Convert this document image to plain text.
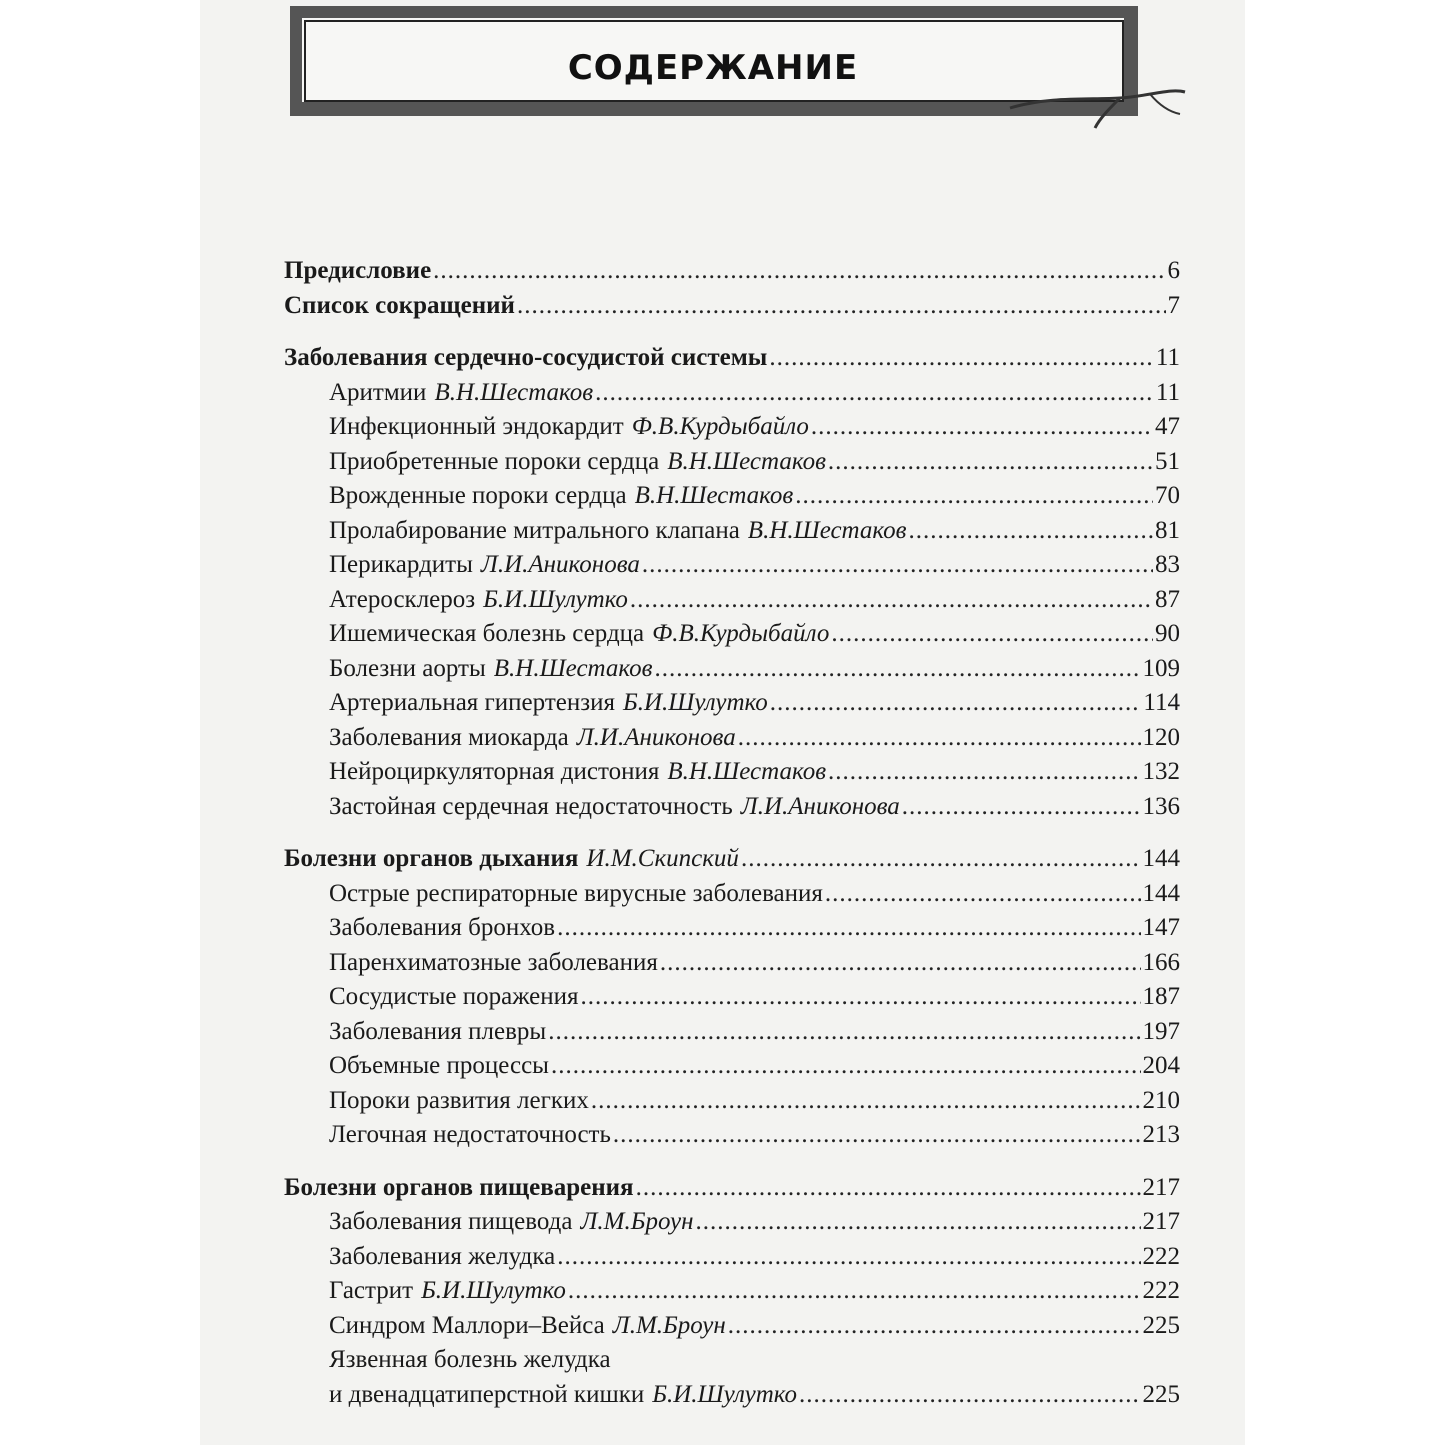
СОДЕРЖАНИЕ
Предисловие .....	6
Список сокращений .....	7
Заболевания сердечно-сосудистой системы .....	11
Аритмии В.Н.Шестаков .....	11
Инфекционный эндокардит Ф.В.Курдыбайло .....	47
Приобретенные пороки сердца В.Н.Шестаков .....	51
Врожденные пороки сердца В.Н.Шестаков .....	70
Пролабирование митрального клапана В.Н.Шестаков .....	81
Перикардиты Л.И.Аниконова .....	83
Атеросклероз Б.И.Шулутко .....	87
Ишемическая болезнь сердца Ф.В.Курдыбайло .....	90
Болезни аорты В.Н.Шестаков .....	109
Артериальная гипертензия Б.И.Шулутко .....	114
Заболевания миокарда Л.И.Аниконова .....	120
Нейроциркуляторная дистония В.Н.Шестаков .....	132
Застойная сердечная недостаточность Л.И.Аниконова .....	136
Болезни органов дыхания И.М.Скипский .....	144
Острые респираторные вирусные заболевания .....	144
Заболевания бронхов .....	147
Паренхиматозные заболевания .....	166
Сосудистые поражения .....	187
Заболевания плевры .....	197
Объемные процессы .....	204
Пороки развития легких .....	210
Легочная недостаточность .....	213
Болезни органов пищеварения .....	217
Заболевания пищевода Л.М.Броун .....	217
Заболевания желудка .....	222
Гастрит Б.И.Шулутко .....	222
Синдром Маллори–Вейса Л.М.Броун .....	225
Язвенная болезнь желудка
и двенадцатиперстной кишки Б.И.Шулутко .....	225
